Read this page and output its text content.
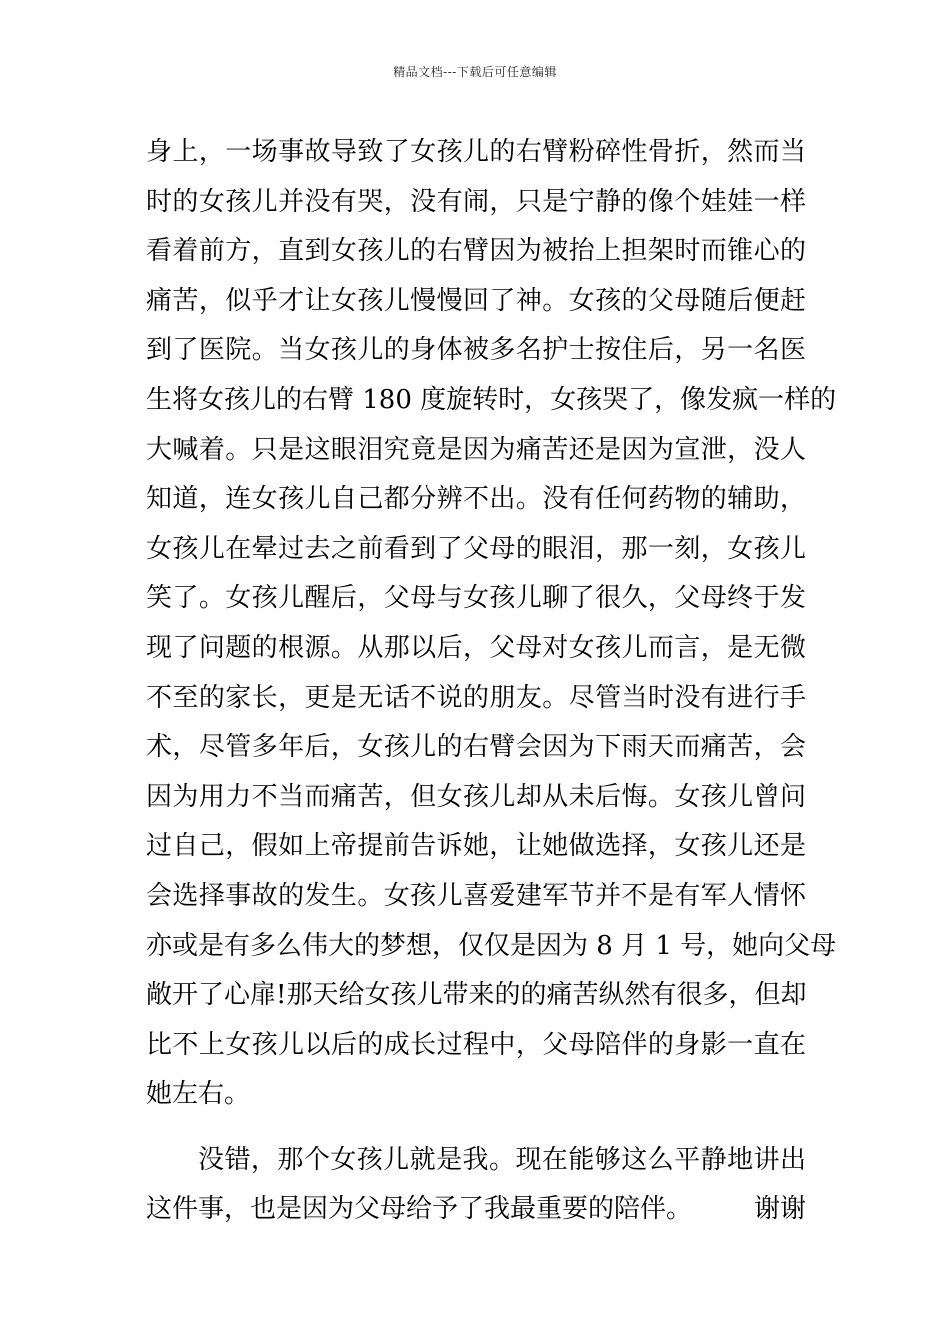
精品文档---下载后可任意编辑
身上，一场事故导致了女孩儿的右臂粉碎性骨折，然而当
时的女孩儿并没有哭，没有闹，只是宁静的像个娃娃一样
看着前方，直到女孩儿的右臂因为被抬上担架时而锥心的
痛苦，似乎才让女孩儿慢慢回了神。女孩的父母随后便赶
到了医院。当女孩儿的身体被多名护士按住后，另一名医
生将女孩儿的右臂 180 度旋转时，女孩哭了，像发疯一样的
大喊着。只是这眼泪究竟是因为痛苦还是因为宣泄，没人
知道，连女孩儿自己都分辨不出。没有任何药物的辅助，
女孩儿在晕过去之前看到了父母的眼泪，那一刻，女孩儿
笑了。女孩儿醒后，父母与女孩儿聊了很久，父母终于发
现了问题的根源。从那以后，父母对女孩儿而言，是无微
不至的家长，更是无话不说的朋友。尽管当时没有进行手
术，尽管多年后，女孩儿的右臂会因为下雨天而痛苦，会
因为用力不当而痛苦，但女孩儿却从未后悔。女孩儿曾问
过自己，假如上帝提前告诉她，让她做选择，女孩儿还是
会选择事故的发生。女孩儿喜爱建军节并不是有军人情怀
亦或是有多么伟大的梦想，仅仅是因为 8 月 1 号，她向父母
敞开了心扉!那天给女孩儿带来的的痛苦纵然有很多，但却
比不上女孩儿以后的成长过程中，父母陪伴的身影一直在
她左右。
没错，那个女孩儿就是我。现在能够这么平静地讲出
这件事，也是因为父母给予了我最重要的陪伴。 谢谢
